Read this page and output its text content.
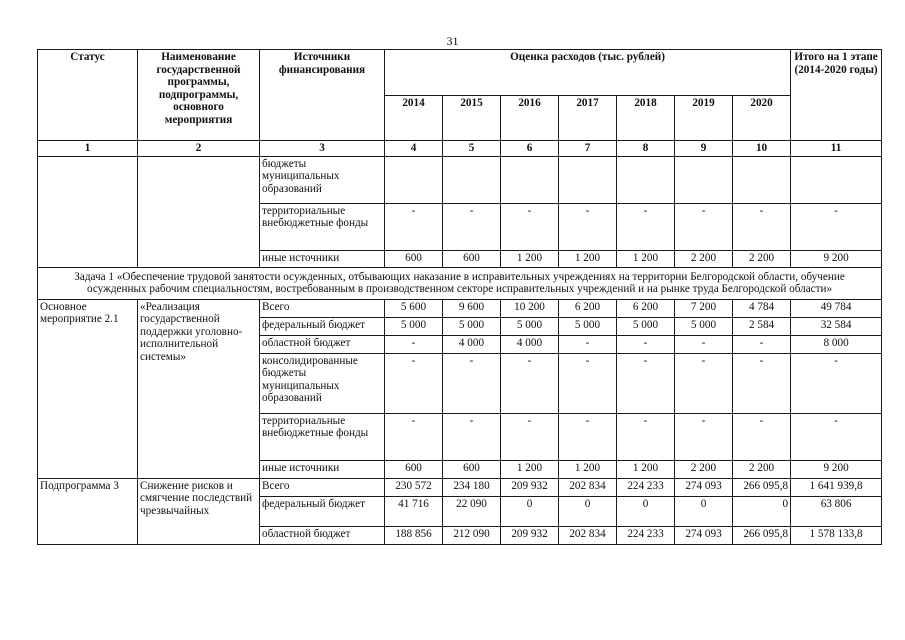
31
Статус	Наименование государственной программы, подпрограммы, основного мероприятия	Источники финансирования	Оценка расходов (тыс. рублей)							Итого на 1 этапе (2014-2020 годы)
			2014	2015	2016	2017	2018	2019	2020	
1	2	3	4	5	6	7	8	9	10	11
		бюджеты муниципальных образований								
		территориальные внебюджетные фонды	-	-	-	-	-	-	-	-
		иные источники	600	600	1 200	1 200	1 200	2 200	2 200	9 200
Задача 1 «Обеспечение трудовой занятости осужденных, отбывающих наказание в исправительных учреждениях на территории Белгородской области, обучение осужденных рабочим специальностям, востребованным в производственном секторе исправительных учреждений и на рынке труда Белгородской области»										
Основное мероприятие 2.1	«Реализация государственной поддержки уголовно-исполнительной системы»	Всего	5 600	9 600	10 200	6 200	6 200	7 200	4 784	49 784
		федеральный бюджет	5 000	5 000	5 000	5 000	5 000	5 000	2 584	32 584
		областной бюджет	-	4 000	4 000	-	-	-	-	8 000
		консолидированные бюджеты муниципальных образований	-	-	-	-	-	-	-	-
		территориальные внебюджетные фонды	-	-	-	-	-	-	-	-
		иные источники	600	600	1 200	1 200	1 200	2 200	2 200	9 200
Подпрограмма 3	Снижение рисков и смягчение последствий чрезвычайных	Всего	230 572	234 180	209 932	202 834	224 233	274 093	266 095,8	1 641 939,8
		федеральный бюджет	41 716	22 090	0	0	0	0	0	63 806
		областной бюджет	188 856	212 090	209 932	202 834	224 233	274 093	266 095,8	1 578 133,8
